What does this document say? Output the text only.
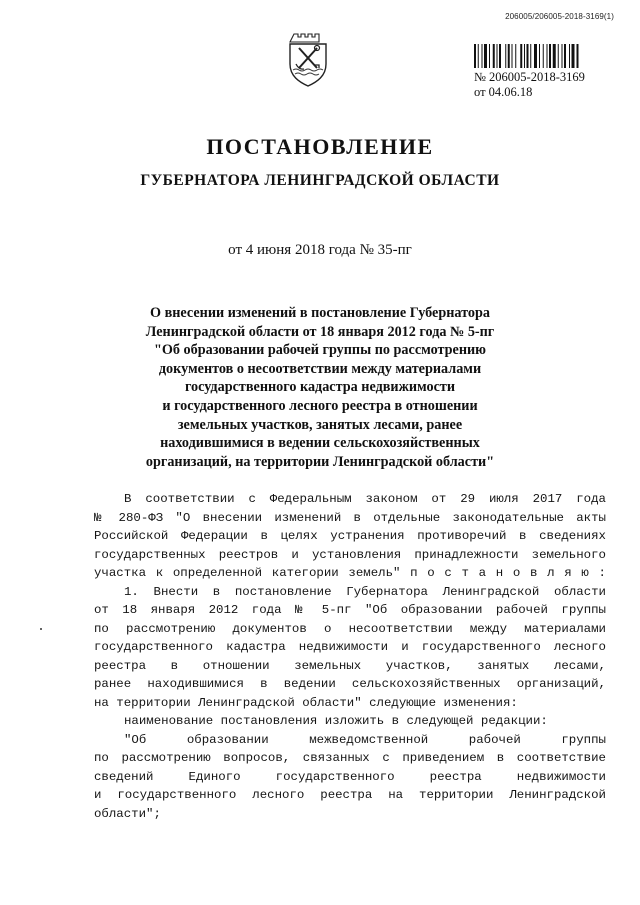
206005/206005-2018-3169(1)
№ 206005-2018-3169
от 04.06.18
ПОСТАНОВЛЕНИЕ
ГУБЕРНАТОРА ЛЕНИНГРАДСКОЙ ОБЛАСТИ
от 4 июня 2018 года № 35-пг
О внесении изменений в постановление Губернатора
Ленинградской области от 18 января 2012 года № 5-пг
"Об образовании рабочей группы по рассмотрению
документов о несоответствии между материалами
государственного кадастра недвижимости
и государственного лесного реестра в отношении
земельных участков, занятых лесами, ранее
находившимися в ведении сельскохозяйственных
организаций, на территории Ленинградской области"
В соответствии с Федеральным законом от 29 июля 2017 года
№ 280-ФЗ "О внесении изменений в отдельные законодательные акты
Российской Федерации в целях устранения противоречий в сведениях
государственных реестров и установления принадлежности земельного
участка к определенной категории земель" п о с т а н о в л я ю :
1. Внести в постановление Губернатора Ленинградской области
от 18 января 2012 года № 5-пг "Об образовании рабочей группы
по рассмотрению документов о несоответствии между материалами
государственного кадастра недвижимости и государственного лесного
реестра в отношении земельных участков, занятых лесами,
ранее находившимися в ведении сельскохозяйственных организаций,
на территории Ленинградской области" следующие изменения:
наименование постановления изложить в следующей редакции:
"Об образовании межведомственной рабочей группы
по рассмотрению вопросов, связанных с приведением в соответствие
сведений Единого государственного реестра недвижимости
и государственного лесного реестра на территории Ленинградской
области";
